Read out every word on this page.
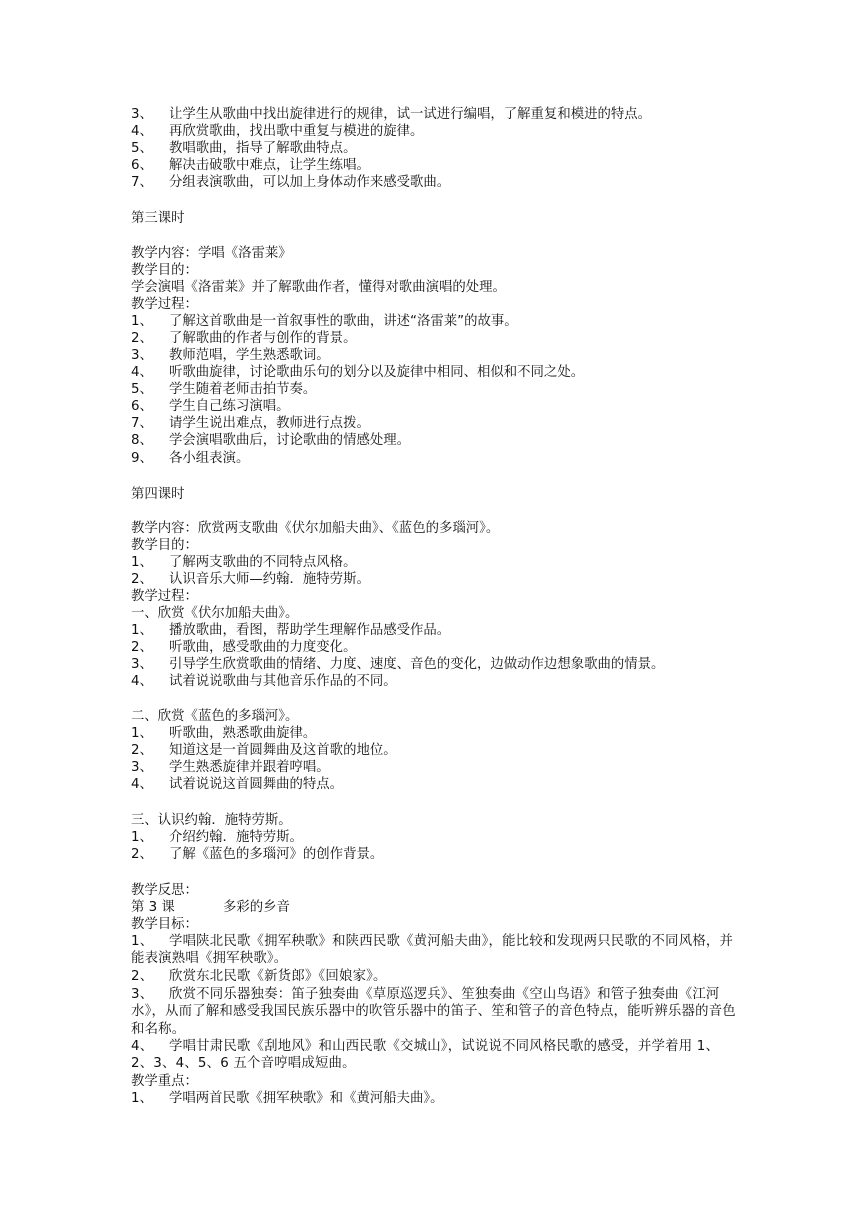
3、 让学生从歌曲中找出旋律进行的规律，试一试进行编唱，了解重复和模进的特点。
4、 再欣赏歌曲，找出歌中重复与模进的旋律。
5、 教唱歌曲，指导了解歌曲特点。
6、 解决击破歌中难点，让学生练唱。
7、 分组表演歌曲，可以加上身体动作来感受歌曲。
第三课时
教学内容：学唱《洛雷莱》
教学目的：
学会演唱《洛雷莱》并了解歌曲作者，懂得对歌曲演唱的处理。
教学过程：
1、 了解这首歌曲是一首叙事性的歌曲，讲述“洛雷莱”的故事。
2、 了解歌曲的作者与创作的背景。
3、 教师范唱，学生熟悉歌词。
4、 听歌曲旋律，讨论歌曲乐句的划分以及旋律中相同、相似和不同之处。
5、 学生随着老师击拍节奏。
6、 学生自己练习演唱。
7、 请学生说出难点，教师进行点拨。
8、 学会演唱歌曲后，讨论歌曲的情感处理。
9、 各小组表演。
第四课时
教学内容：欣赏两支歌曲《伏尔加船夫曲》、《蓝色的多瑙河》。
教学目的：
1、 了解两支歌曲的不同特点风格。
2、 认识音乐大师—约翰．施特劳斯。
教学过程：
一、欣赏《伏尔加船夫曲》。
1、 播放歌曲，看图，帮助学生理解作品感受作品。
2、 听歌曲，感受歌曲的力度变化。
3、 引导学生欣赏歌曲的情绪、力度、速度、音色的变化，边做动作边想象歌曲的情景。
4、 试着说说歌曲与其他音乐作品的不同。
二、欣赏《蓝色的多瑙河》。
1、 听歌曲，熟悉歌曲旋律。
2、 知道这是一首圆舞曲及这首歌的地位。
3、 学生熟悉旋律并跟着哼唱。
4、 试着说说这首圆舞曲的特点。
三、认识约翰．施特劳斯。
1、 介绍约翰．施特劳斯。
2、 了解《蓝色的多瑙河》的创作背景。
教学反思：
第 3 课	多彩的乡音
教学目标：
1、 学唱陕北民歌《拥军秧歌》和陕西民歌《黄河船夫曲》，能比较和发现两只民歌的不同风格，并能表演熟唱《拥军秧歌》。
2、 欣赏东北民歌《新货郎》《回娘家》。
3、 欣赏不同乐器独奏：笛子独奏曲《草原巡逻兵》、笙独奏曲《空山鸟语》和管子独奏曲《江河水》，从而了解和感受我国民族乐器中的吹管乐器中的笛子、笙和管子的音色特点，能听辨乐器的音色和名称。
4、 学唱甘肃民歌《刮地风》和山西民歌《交城山》，试说说不同风格民歌的感受，并学着用 1、2、3、4、5、6 五个音哼唱成短曲。
教学重点：
1、 学唱两首民歌《拥军秧歌》和《黄河船夫曲》。
